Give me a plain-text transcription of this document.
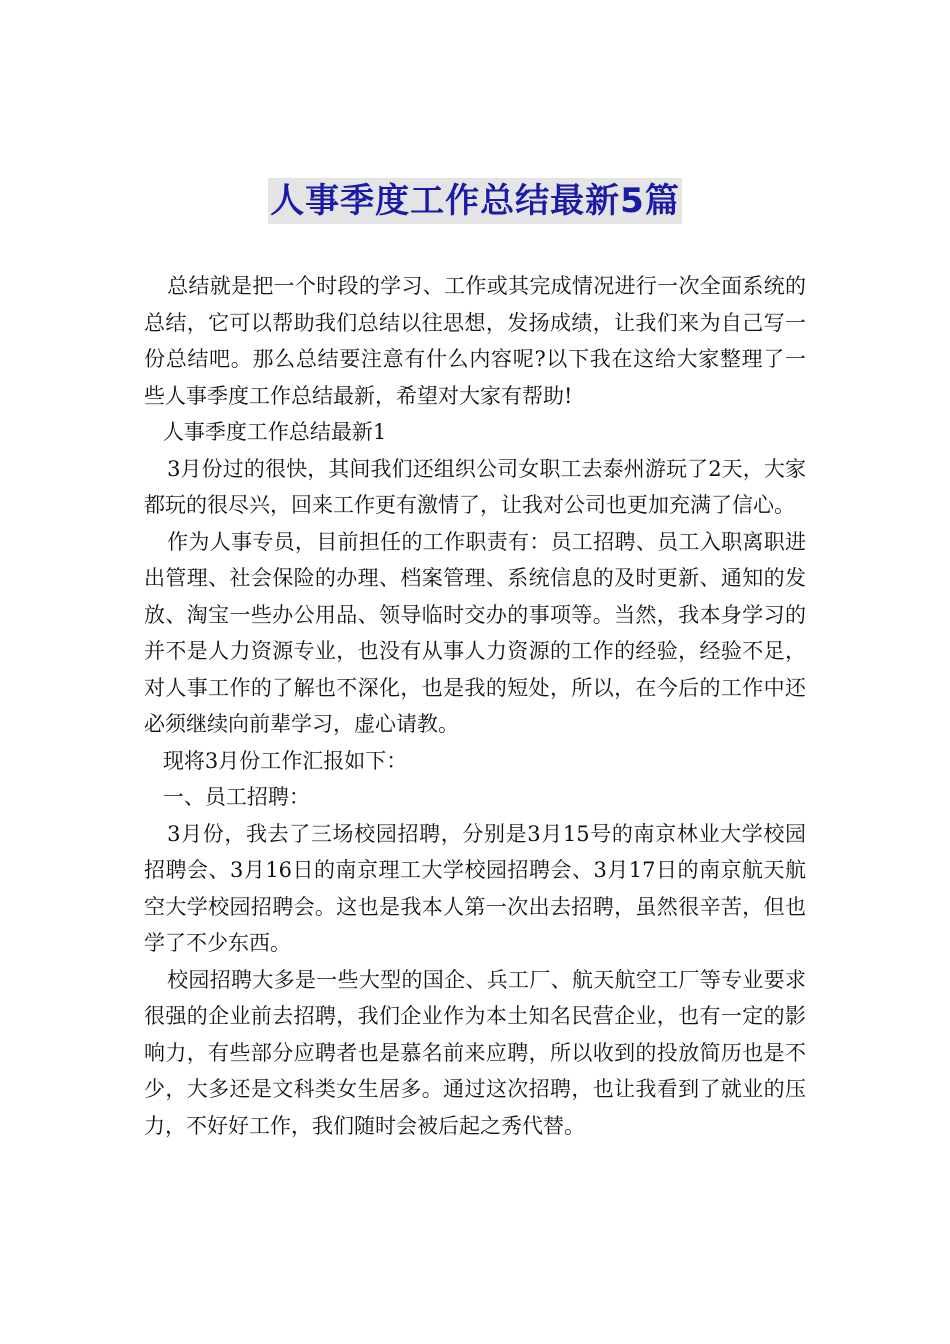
人事季度工作总结最新5篇

总结就是把一个时段的学习、工作或其完成情况进行一次全面系统的总结，它可以帮助我们总结以往思想，发扬成绩，让我们来为自己写一份总结吧。那么总结要注意有什么内容呢?以下我在这给大家整理了一些人事季度工作总结最新，希望对大家有帮助!

人事季度工作总结最新1

3月份过的很快，其间我们还组织公司女职工去泰州游玩了2天，大家都玩的很尽兴，回来工作更有激情了，让我对公司也更加充满了信心。

作为人事专员，目前担任的工作职责有：员工招聘、员工入职离职进出管理、社会保险的办理、档案管理、系统信息的及时更新、通知的发放、淘宝一些办公用品、领导临时交办的事项等。当然，我本身学习的并不是人力资源专业，也没有从事人力资源的工作的经验，经验不足，对人事工作的了解也不深化，也是我的短处，所以，在今后的工作中还必须继续向前辈学习，虚心请教。

现将3月份工作汇报如下：

一、员工招聘：

3月份，我去了三场校园招聘，分别是3月15号的南京林业大学校园招聘会、3月16日的南京理工大学校园招聘会、3月17日的南京航天航空大学校园招聘会。这也是我本人第一次出去招聘，虽然很辛苦，但也学了不少东西。

校园招聘大多是一些大型的国企、兵工厂、航天航空工厂等专业要求很强的企业前去招聘，我们企业作为本土知名民营企业，也有一定的影响力，有些部分应聘者也是慕名前来应聘，所以收到的投放简历也是不少，大多还是文科类女生居多。通过这次招聘，也让我看到了就业的压力，不好好工作，我们随时会被后起之秀代替。
